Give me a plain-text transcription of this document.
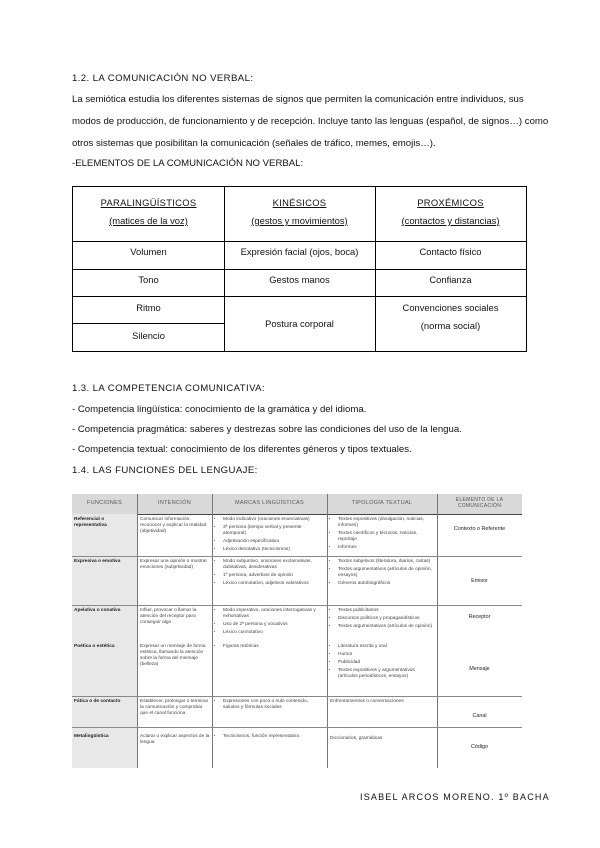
1.2. LA COMUNICACIÓN NO VERBAL:
La semiótica estudia los diferentes sistemas de signos que permiten la comunicación entre individuos, sus
modos de producción, de funcionamiento y de recepción. Incluye tanto las lenguas (español, de signos…) como
otros sistemas que posibilitan la comunicación (señales de tráfico, memes, emojis…).
-ELEMENTOS DE LA COMUNICACIÓN NO VERBAL:
PARALINGÜÍSTICOS
(matices de la voz)
KINÉSICOS
(gestos y movimientos)
PROXÉMICOS
(contactos y distancias)
Volumen
Tono
Ritmo
Silencio
Expresión facial (ojos, boca)
Gestos manos
Postura corporal
Contacto físico
Confianza
Convenciones sociales
(norma social)
1.3. LA COMPETENCIA COMUNICATIVA:
- Competencia lingüística: conocimiento de la gramática y del idioma.
- Competencia pragmática: saberes y destrezas sobre las condiciones del uso de la lengua.
- Competencia textual: conocimiento de los diferentes géneros y tipos textuales.
1.4. LAS FUNCIONES DEL LENGUAJE:
FUNCIONES	INTENCIÓN	MARCAS LINGÜÍSTICAS	TIPOLOGÍA TEXTUAL	ELEMENTO DE LA COMUNICACIÓN
Referencial o representativa
Comunicar información, reconocer y explicar la realidad (objetividad)
• Modo indicativo (oraciones enunciativas)
• 3ª persona (tiempo verbal y presente atemporal)
• Adjetivación especificativa
• Léxico denotativo (tecnicismos)
• Textos expositivos (divulgación, noticias, informes)
• Textos científicos y técnicos, noticias, reportaje
• Informes
Contexto o Referente
Expresiva o emotiva	Expresar una opinión o mostrar emociones (subjetividad)
• Modo subjuntivo, oraciones exclamativas, dubitativas, desiderativas
• 1ª persona, adverbios de opinión
• Léxico connotativo, adjetivos valorativos
• Textos subjetivos (literatura, diarios, cartas)
• Textos argumentativos (artículos de opinión, ensayos)
• Géneros autobiográficos	Emisor
Apelativa o conativa	Influir, provocar o llamar la atención del receptor para conseguir algo
• Modo imperativo, oraciones interrogativas y exhortativas
• Uso de 2ª persona y vocativos
• Léxico connotativo
• Textos publicitarios
• Discursos políticos y propagandísticos
• Textos argumentativos (artículos de opinión)
Receptor
Poética o estética	Expresar un mensaje de forma estética, llamando la atención sobre la forma del mensaje (belleza)
• Figuras retóricas
•	Literatura escrita y oral
• Humor
• Publicidad
• Textos expositivos y argumentativos (artículos periodísticos, ensayos)
Mensaje
Fática o de contacto	Establecer, prolongar o terminar la comunicación y comprobar que el canal funciona
• Expresiones con poco o nulo contenido, saludos y fórmulas sociales
Enfrentamientos o conversaciones
Canal
Metalingüística	Aclarar o explicar aspectos de la lengua
• Tecnicismos, función representativa	Diccionarios, gramáticas
Código
ISABEL ARCOS MORENO. 1º BACHA
